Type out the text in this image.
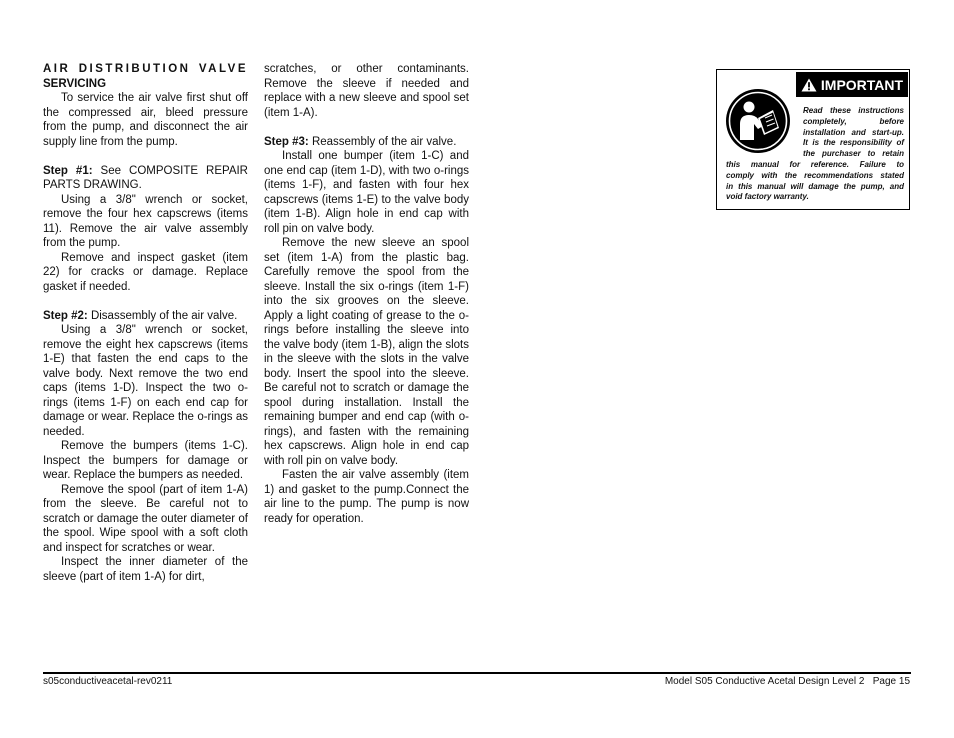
AIR DISTRIBUTION VALVE

SERVICING

To service the air valve first shut off the compressed air, bleed pressure from the pump, and disconnect the air supply line from the pump.

Step #1: See COMPOSITE REPAIR PARTS DRAWING.

Using a 3/8" wrench or socket, remove the four hex capscrews (items 11). Remove the air valve assembly from the pump.

Remove and inspect gasket (item 22) for cracks or damage. Replace gasket if needed.

Step #2: Disassembly of the air valve.

Using a 3/8" wrench or socket, remove the eight hex capscrews (items 1-E) that fasten the end caps to the valve body. Next remove the two end caps (items 1-D). Inspect the two o-rings (items 1-F) on each end cap for damage or wear. Replace the o-rings as needed.

Remove the bumpers (items 1-C). Inspect the bumpers for damage or wear. Replace the bumpers as needed.

Remove the spool (part of item 1-A) from the sleeve. Be careful not to scratch or damage the outer diameter of the spool. Wipe spool with a soft cloth and inspect for scratches or wear.

Inspect the inner diameter of the sleeve (part of item 1-A) for dirt,

scratches, or other contaminants. Remove the sleeve if needed and replace with a new sleeve and spool set (item 1-A).

Step #3: Reassembly of the air valve.

Install one bumper (item 1-C) and one end cap (item 1-D), with two o-rings (items 1-F), and fasten with four hex capscrews (items 1-E) to the valve body (item 1-B). Align hole in end cap with roll pin on valve body.

Remove the new sleeve an spool set (item 1-A) from the plastic bag. Carefully remove the spool from the sleeve. Install the six o-rings (item 1-F) into the six grooves on the sleeve. Apply a light coating of grease to the o-rings before installing the sleeve into the valve body (item 1-B), align the slots in the sleeve with the slots in the valve body. Insert the spool into the sleeve. Be careful not to scratch or damage the spool during installation. Install the remaining bumper and end cap (with o-rings), and fasten with the remaining hex capscrews. Align hole in end cap with roll pin on valve body.

Fasten the air valve assembly (item 1) and gasket to the pump.Connect the air line to the pump. The pump is now ready for operation.

IMPORTANT
Read these instructions
completely, before
installation and start-up.
It is the responsibility of
the purchaser to retain
this manual for reference. Failure to
comply with the recommendations stated
in this manual will damage the pump, and
void factory warranty.
s05conductiveacetal-rev0211	Model S05 Conductive Acetal Design Level 2   Page 15
